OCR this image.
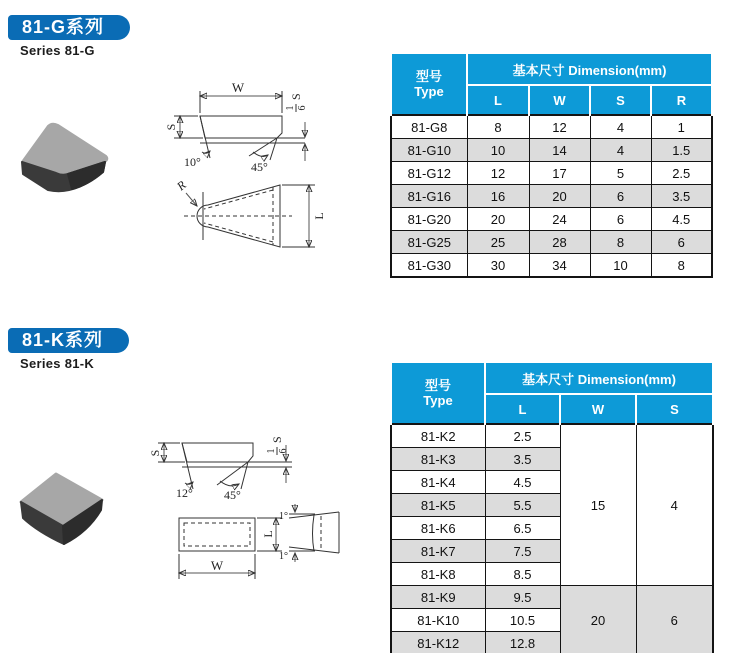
81-G系列
Series 81-G
W
S
10°	45°
1 6
S
R
L
型号
Type	基本尺寸 Dimension(mm)			
	L	W	S	R
81-G8	8	12	4	1
81-G10	10	14	4	1.5
81-G12	12	17	5	2.5
81-G16	16	20	6	3.5
81-G20	20	24	6	4.5
81-G25	25	28	8	6
81-G30	30	34	10	8
81-K系列
Series 81-K
S
12°	45°
1 6
S
W
L
1°
1°
型号
Type	基本尺寸 Dimension(mm)		
	L	W	S
81-K2	2.5	15	4
81-K3	3.5		
81-K4	4.5		
81-K5	5.5		
81-K6	6.5		
81-K7	7.5		
81-K8	8.5		
81-K9	9.5	20	6
81-K10	10.5		
81-K12	12.8		
